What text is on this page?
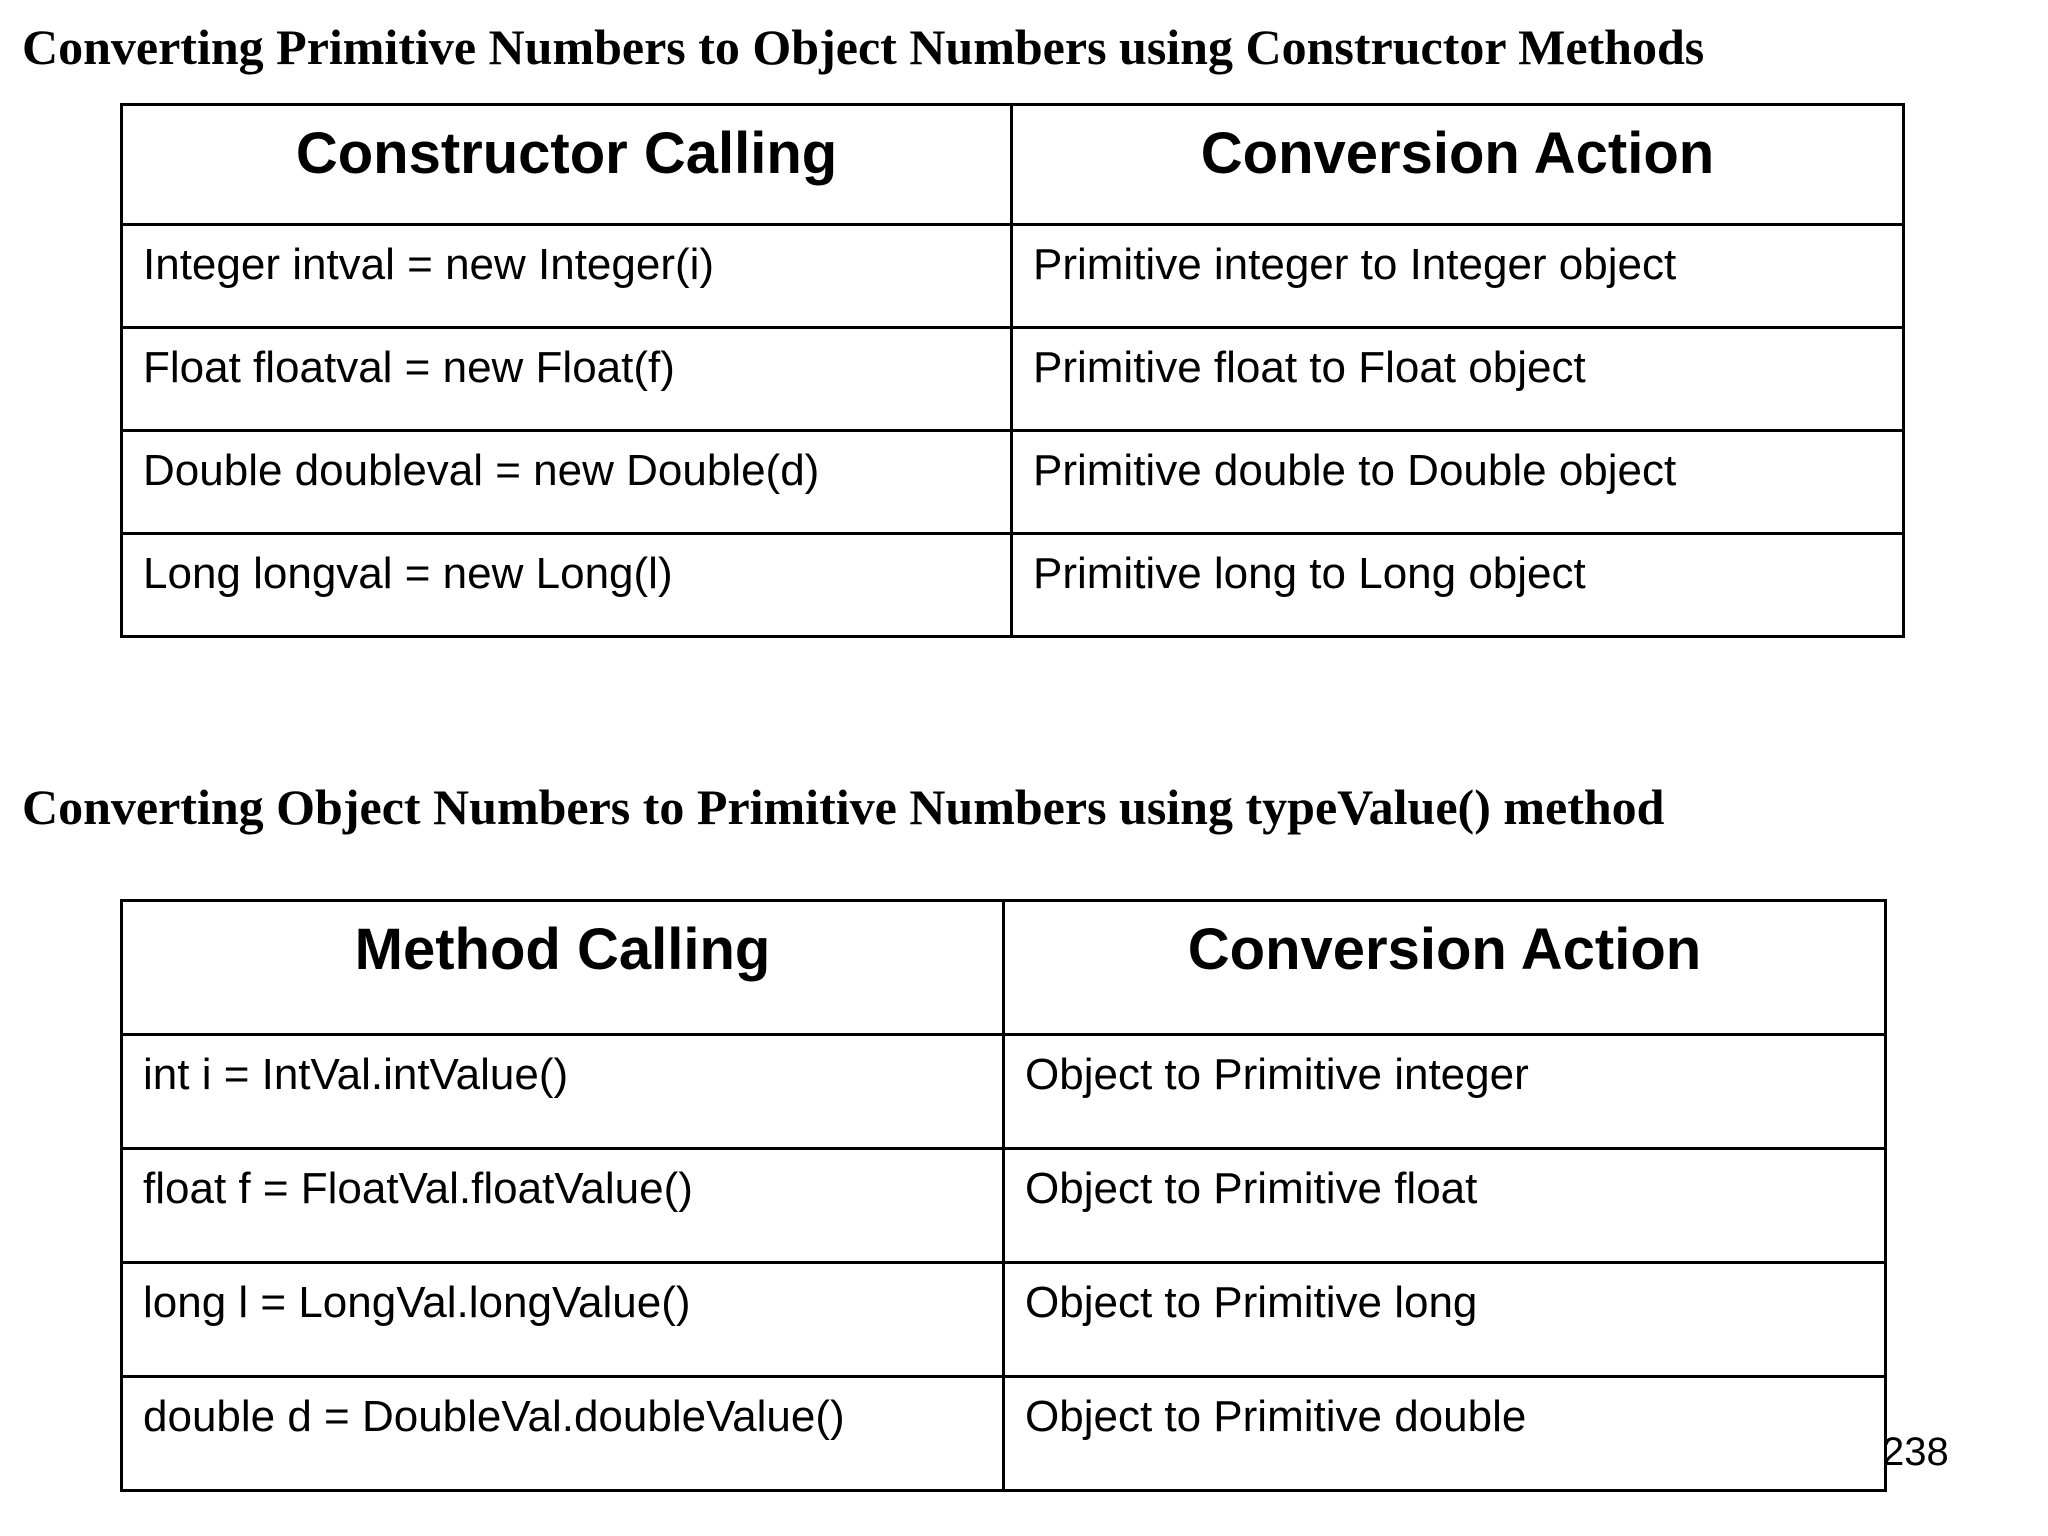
Converting Primitive Numbers to Object Numbers using Constructor Methods
Constructor Calling	Conversion Action
Integer intval = new Integer(i)	Primitive integer to Integer object
Float floatval = new Float(f)	Primitive float to Float object
Double doubleval = new Double(d)	Primitive double to Double object
Long longval = new Long(l)	Primitive long to Long object
Converting Object Numbers to Primitive Numbers using typeValue() method
Method Calling	Conversion Action
int i = IntVal.intValue()	Object to Primitive integer
float f = FloatVal.floatValue()	Object to Primitive float
long l = LongVal.longValue()	Object to Primitive long
double d = DoubleVal.doubleValue()	Object to Primitive double
238
